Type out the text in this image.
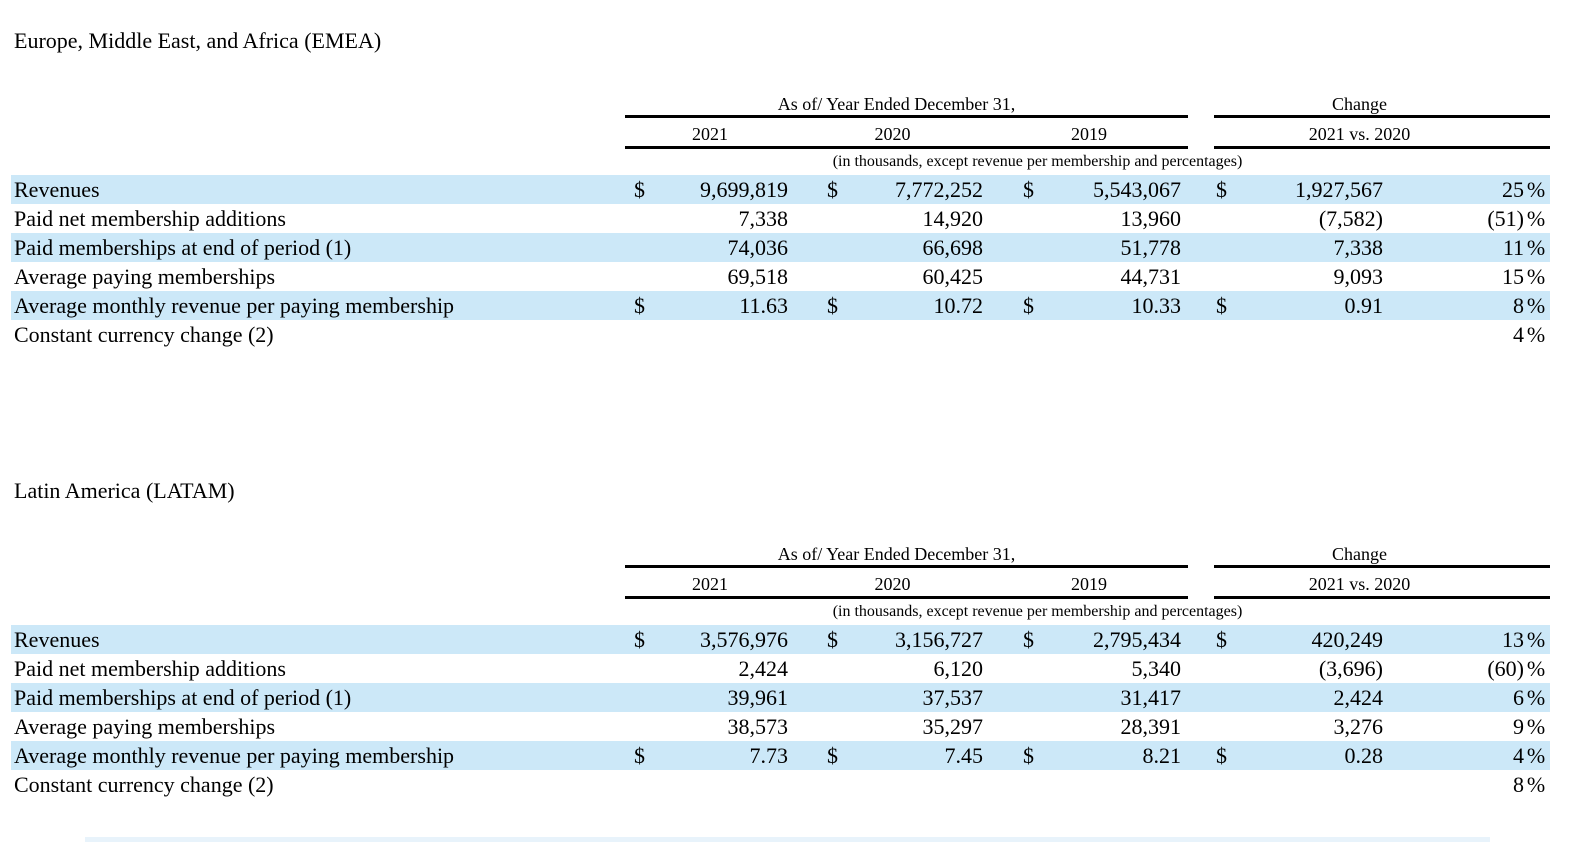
Europe, Middle East, and Africa (EMEA)
	As of/ Year Ended December 31,							Change		
	2021		2020		2019			2021 vs. 2020		
	(in thousands, except revenue per membership and percentages)									
Revenues	$	9,699,819	$	7,772,252	$	5,543,067		$	1,927,567	25 %
Paid net membership additions		7,338		14,920		13,960			(7,582)	(51) %
Paid memberships at end of period (1)		74,036		66,698		51,778			7,338	11 %
Average paying memberships		69,518		60,425		44,731			9,093	15 %
Average monthly revenue per paying membership	$	11.63	$	10.72	$	10.33		$	0.91	8 %
Constant currency change (2)										4 %
Latin America (LATAM)
	As of/ Year Ended December 31,							Change		
	2021		2020		2019			2021 vs. 2020		
	(in thousands, except revenue per membership and percentages)									
Revenues	$	3,576,976	$	3,156,727	$	2,795,434		$	420,249	13 %
Paid net membership additions		2,424		6,120		5,340			(3,696)	(60) %
Paid memberships at end of period (1)		39,961		37,537		31,417			2,424	6 %
Average paying memberships		38,573		35,297		28,391			3,276	9 %
Average monthly revenue per paying membership	$	7.73	$	7.45	$	8.21		$	0.28	4 %
Constant currency change (2)										8 %
